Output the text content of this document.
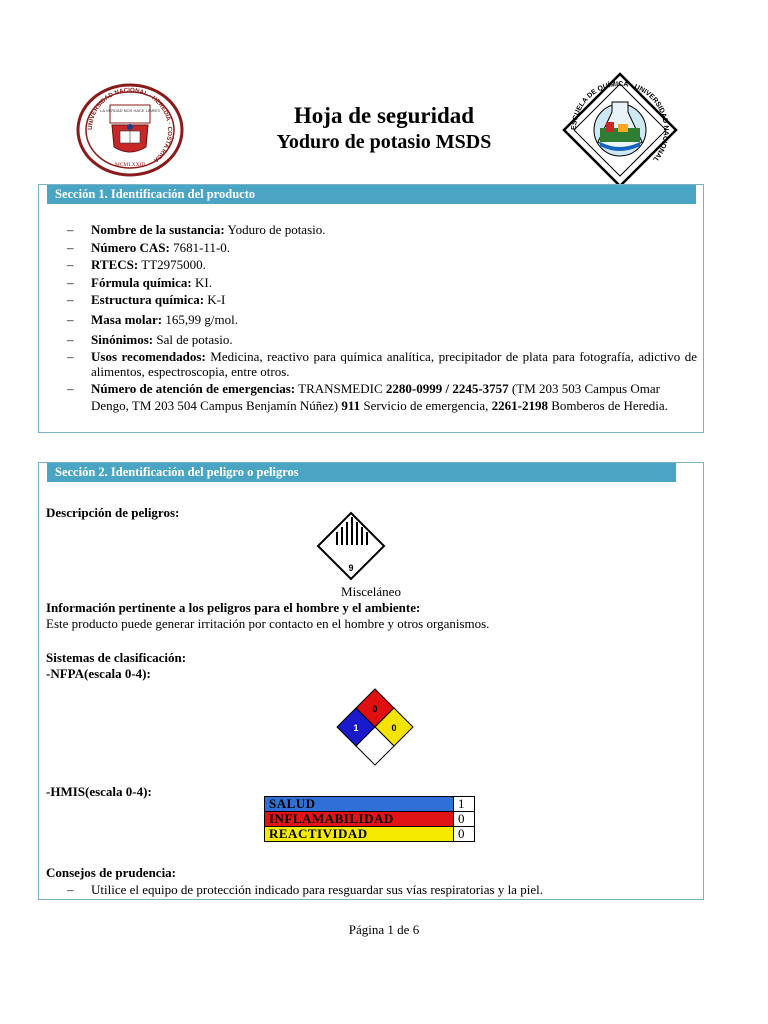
UNIVERSIDAD NACIONAL · HEREDIA · COSTA RICA
LA VERDAD NOS HACE LIBRES
MCMLXXIII
Hoja de seguridad
Yoduro de potasio MSDS
ESCUELA DE QUÍMICA · UNIVERSIDAD NACIONAL
Sección 1. Identificación del producto
– Nombre de la sustancia: Yoduro de potasio.
– Número CAS: 7681-11-0.
– RTECS: TT2975000.
– Fórmula química: KI.
– Estructura química: K-I
– Masa molar: 165,99 g/mol.
– Sinónimos: Sal de potasio.
– Usos recomendados: Medicina, reactivo para química analítica, precipitador de plata para fotografía, adictivo de alimentos, espectroscopia, entre otros.
– Número de atención de emergencias: TRANSMEDIC 2280-0999 / 2245-3757 (TM 203 503 Campus Omar Dengo, TM 203 504 Campus Benjamín Núñez) 911 Servicio de emergencia, 2261-2198 Bomberos de Heredia.
Sección 2. Identificación del peligro o peligros
Descripción de peligros:
9
Misceláneo
Información pertinente a los peligros para el hombre y el ambiente:
Este producto puede generar irritación por contacto en el hombre y otros organismos.
Sistemas de clasificación:
-NFPA(escala 0-4):
0
1	0
-HMIS(escala 0-4):
SALUD	1
INFLAMABILIDAD	0
REACTIVIDAD	0
Consejos de prudencia:
– Utilice el equipo de protección indicado para resguardar sus vías respiratorias y la piel.
Página 1 de 6
